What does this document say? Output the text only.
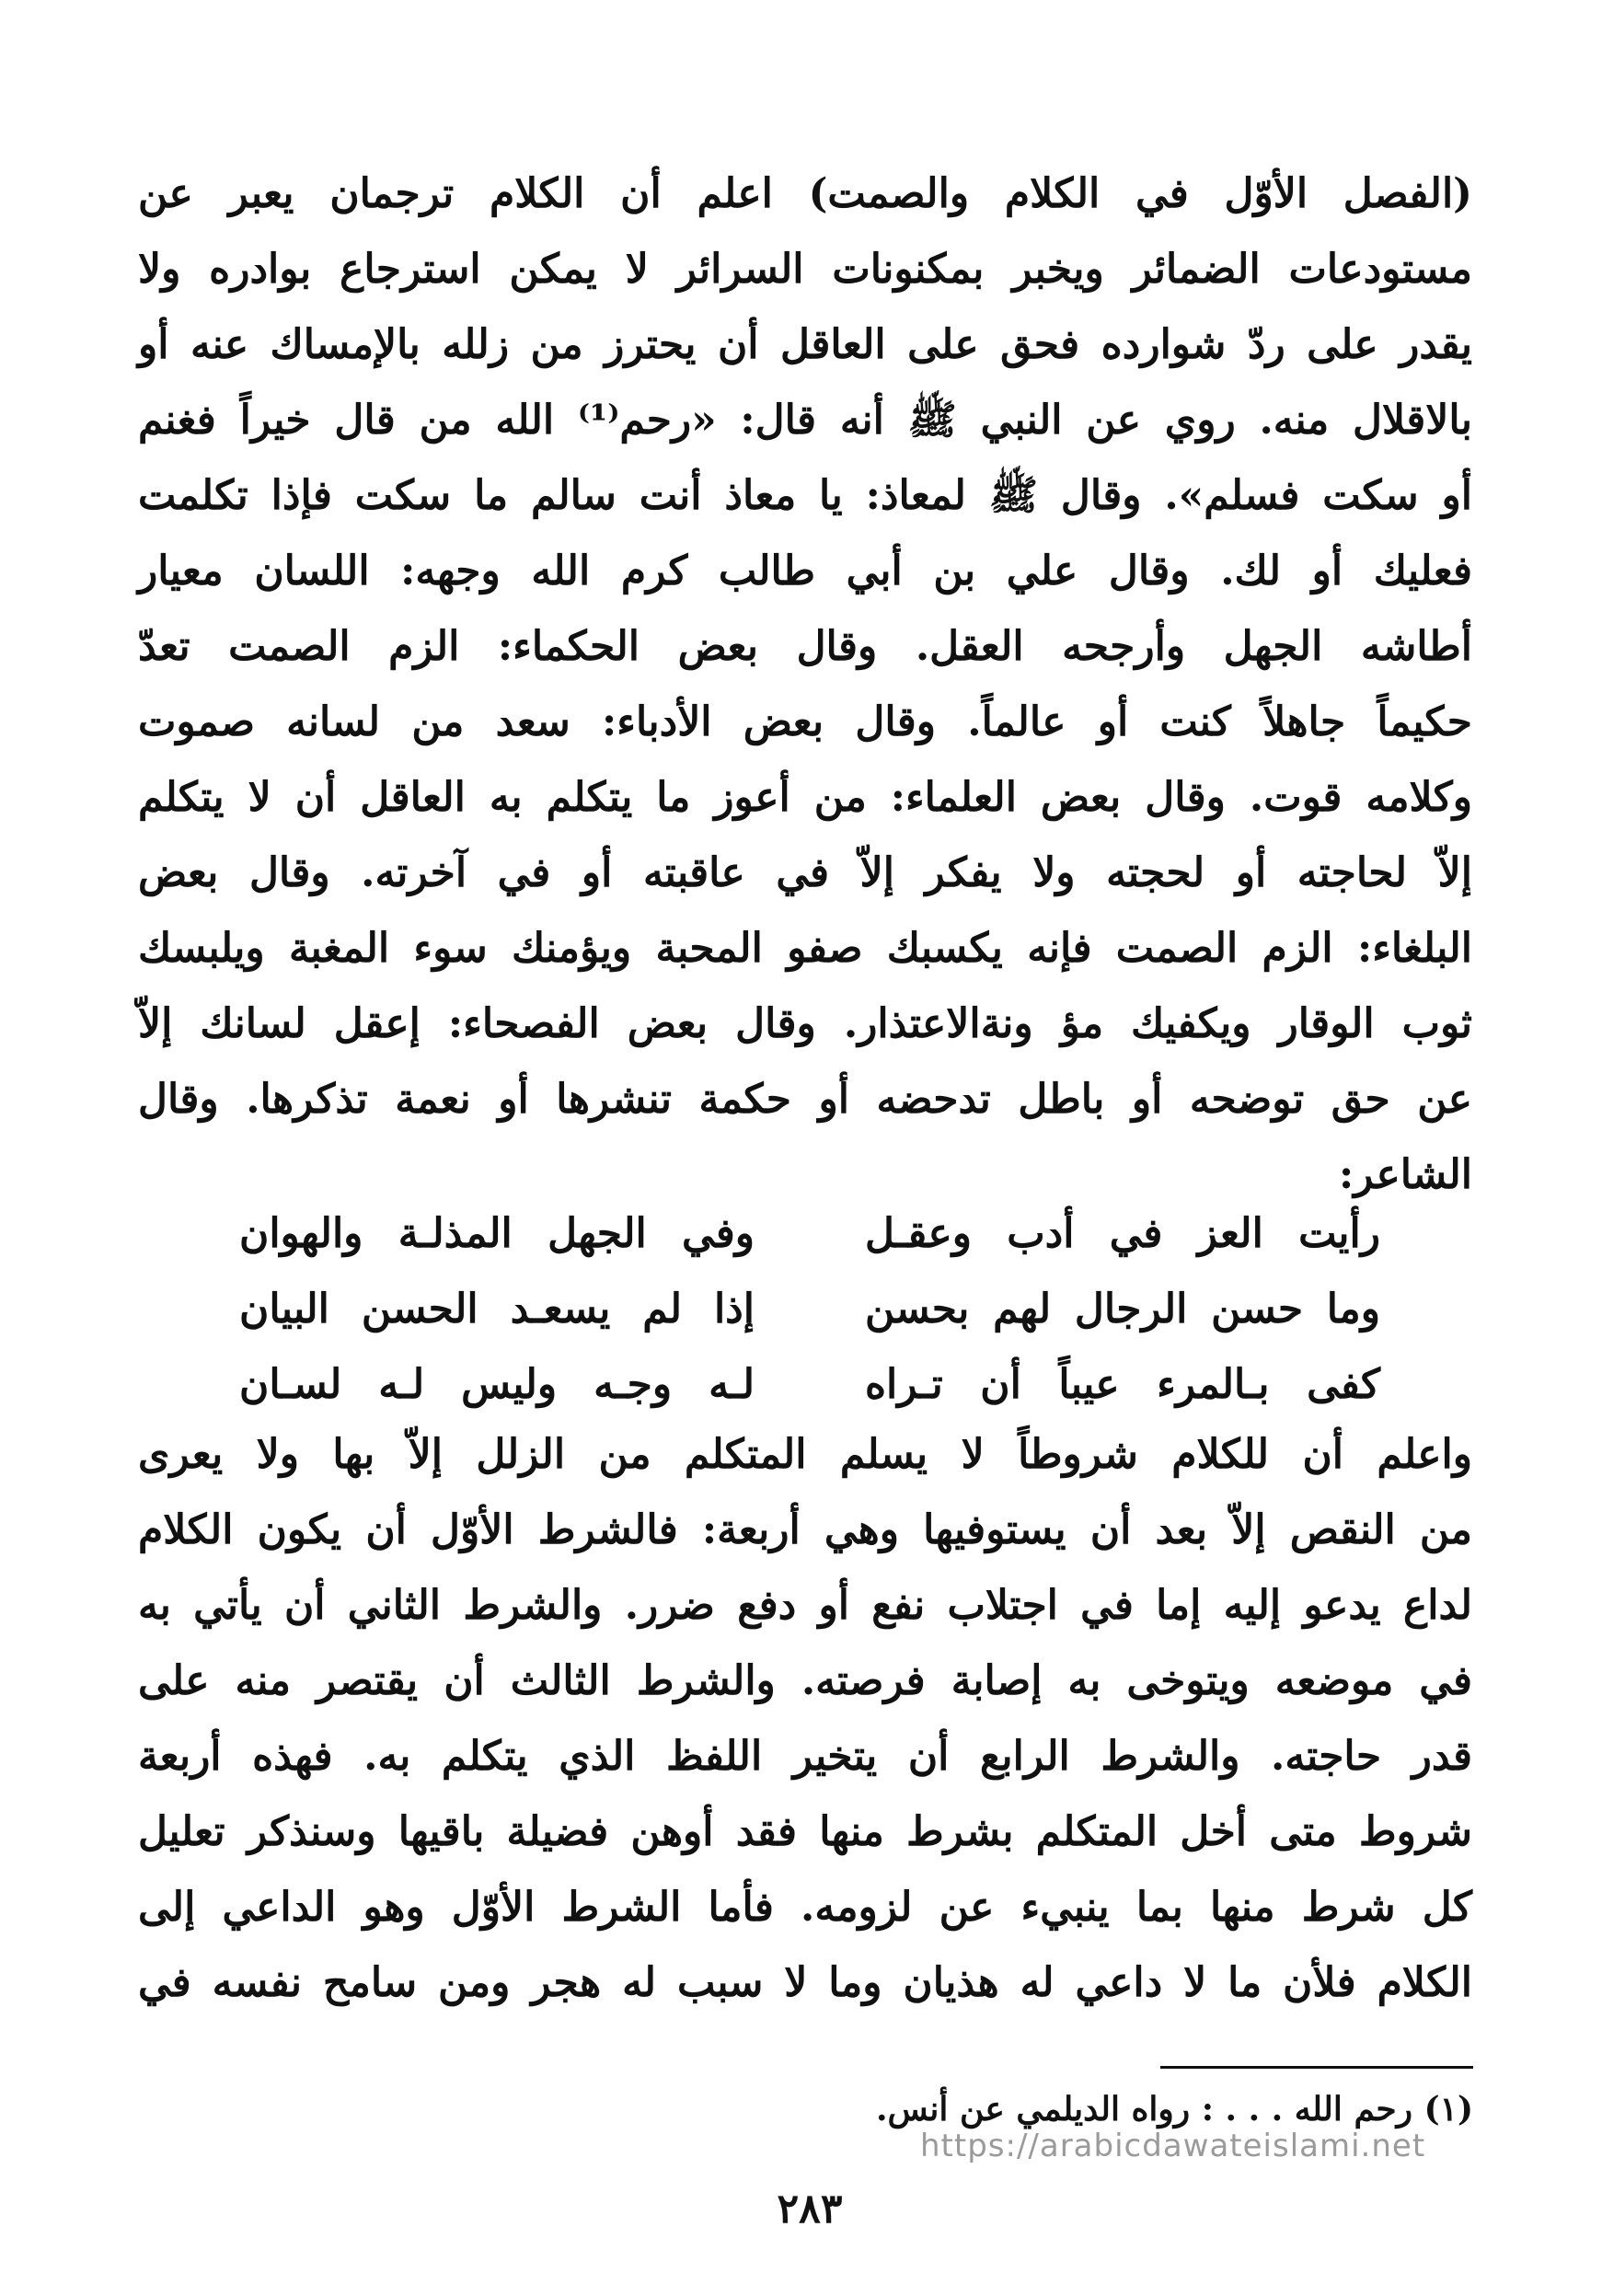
(الفصل الأوّل في الكلام والصمت) اعلم أن الكلام ترجمان يعبر عن
مستودعات الضمائر ويخبر بمكنونات السرائر لا يمكن استرجاع بوادره ولا
يقدر على ردّ شوارده فحق على العاقل أن يحترز من زلله بالإمساك عنه أو
بالاقلال منه. روي عن النبي ﷺ أنه قال: «رحم⁽¹⁾ الله من قال خيراً فغنم
أو سكت فسلم». وقال ﷺ لمعاذ: يا معاذ أنت سالم ما سكت فإذا تكلمت
فعليك أو لك. وقال علي بن أبي طالب كرم الله وجهه: اللسان معيار
أطاشه الجهل وأرجحه العقل. وقال بعض الحكماء: الزم الصمت تعدّ
حكيماً جاهلاً كنت أو عالماً. وقال بعض الأدباء: سعد من لسانه صموت
وكلامه قوت. وقال بعض العلماء: من أعوز ما يتكلم به العاقل أن لا يتكلم
إلاّ لحاجته أو لحجته ولا يفكر إلاّ في عاقبته أو في آخرته. وقال بعض
البلغاء: الزم الصمت فإنه يكسبك صفو المحبة ويؤمنك سوء المغبة ويلبسك
ثوب الوقار ويكفيك مؤ ونةالاعتذار. وقال بعض الفصحاء: إعقل لسانك إلاّ
عن حق توضحه أو باطل تدحضه أو حكمة تنشرها أو نعمة تذكرها. وقال
الشاعر:
رأيت العز في أدب وعقـل
وفي الجهل المذلـة والهوان
وما حسن الرجال لهم بحسن
إذا لم يسعـد الحسن البيان
كفى بـالمرء عيباً أن تـراه
لـه وجـه وليس لـه لسـان
واعلم أن للكلام شروطاً لا يسلم المتكلم من الزلل إلاّ بها ولا يعرى
من النقص إلاّ بعد أن يستوفيها وهي أربعة: فالشرط الأوّل أن يكون الكلام
لداع يدعو إليه إما في اجتلاب نفع أو دفع ضرر. والشرط الثاني أن يأتي به
في موضعه ويتوخى به إصابة فرصته. والشرط الثالث أن يقتصر منه على
قدر حاجته. والشرط الرابع أن يتخير اللفظ الذي يتكلم به. فهذه أربعة
شروط متى أخل المتكلم بشرط منها فقد أوهن فضيلة باقيها وسنذكر تعليل
كل شرط منها بما ينبيء عن لزومه. فأما الشرط الأوّل وهو الداعي إلى
الكلام فلأن ما لا داعي له هذيان وما لا سبب له هجر ومن سامح نفسه في
(١) رحم الله . . . : رواه الديلمي عن أنس.
https://arabicdawateislami.net
٢٨٣
